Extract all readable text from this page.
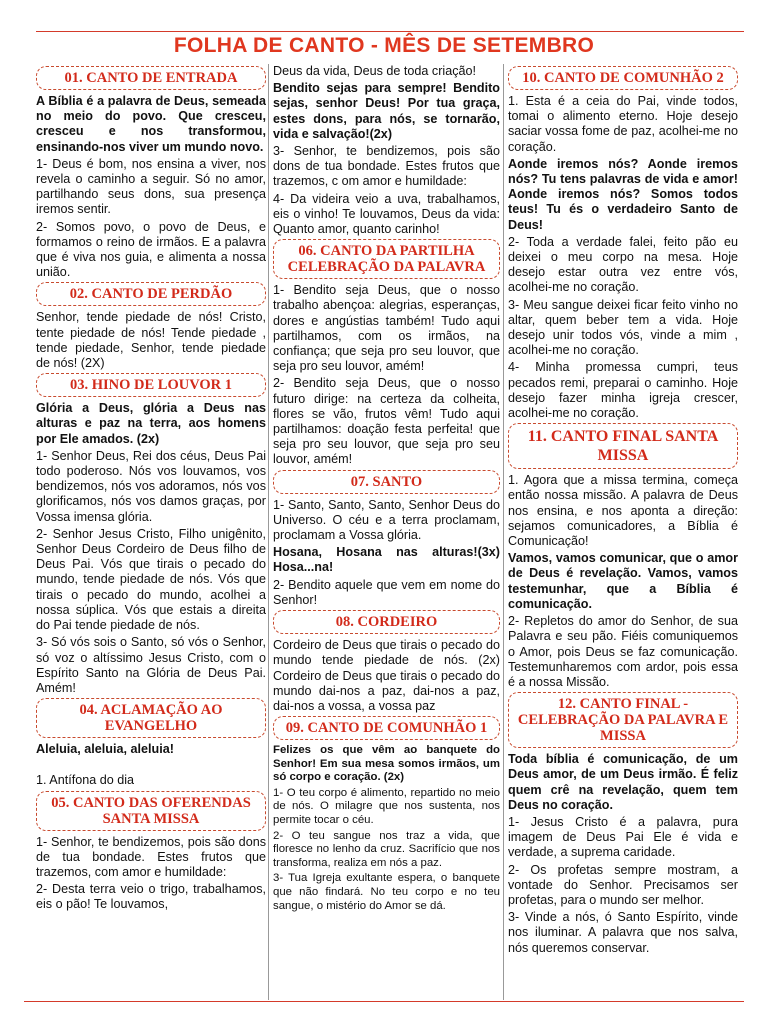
FOLHA DE CANTO - MÊS DE SETEMBRO
01. CANTO DE ENTRADA

A Bíblia é a palavra de Deus, semeada no meio do povo. Que cresceu, cresceu e nos transformou, ensinando-nos viver um mundo novo.

1- Deus é bom, nos ensina a viver, nos revela o caminho a seguir. Só no amor, partilhando seus dons, sua presença iremos sentir.

2- Somos povo, o povo de Deus, e formamos o reino de irmãos. E a palavra que é viva nos guia, e alimenta a nossa união.

02. CANTO DE PERDÃO

Senhor, tende piedade de nós! Cristo, tente piedade de nós! Tende piedade , tende piedade, Senhor, tende piedade de nós! (2X)

03. HINO DE LOUVOR 1

Glória a Deus, glória a Deus nas alturas e paz na terra, aos homens por Ele amados. (2x)

1- Senhor Deus, Rei dos céus, Deus Pai todo poderoso. Nós vos louvamos, vos bendizemos, nós vos adoramos, nós vos glorificamos, nós vos damos graças, por Vossa imensa glória.

2- Senhor Jesus Cristo, Filho unigênito, Senhor Deus Cordeiro de Deus filho de Deus Pai. Vós que tirais o pecado do mundo, tende piedade de nós. Vós que tirais o pecado do mundo, acolhei a nossa súplica. Vós que estais a direita do Pai tende piedade de nós.

3- Só vós sois o Santo, só vós o Senhor, só voz o altíssimo Jesus Cristo, com o Espírito Santo na Glória de Deus Pai. Amém!

04. ACLAMAÇÃO AO EVANGELHO

Aleluia, aleluia, aleluia!

1. Antífona do dia

05. CANTO DAS OFERENDAS SANTA MISSA

1- Senhor, te bendizemos, pois são dons de tua bondade. Estes frutos que trazemos, com amor e humildade:

2- Desta terra veio o trigo, trabalhamos, eis o pão! Te louvamos,

Deus da vida, Deus de toda criação!

Bendito sejas para sempre! Bendito sejas, senhor Deus! Por tua graça, estes dons, para nós, se tornarão, vida e salvação!(2x)

3- Senhor, te bendizemos, pois são dons de tua bondade. Estes frutos que trazemos, c om amor e humildade:

4- Da videira veio a uva, trabalhamos, eis o vinho! Te louvamos, Deus da vida: Quanto amor, quanto carinho!

06. CANTO DA PARTILHA CELEBRAÇÃO DA PALAVRA

1- Bendito seja Deus, que o nosso trabalho abençoa: alegrias, esperanças, dores e angústias também! Tudo aqui partilhamos, com os irmãos, na confiança; que seja pro seu louvor, que seja pro seu louvor, amém!

2- Bendito seja Deus, que o nosso futuro dirige: na certeza da colheita, flores se vão, frutos vêm! Tudo aqui partilhamos: doação festa perfeita! que seja pro seu louvor, que seja pro seu louvor, amém!

07. SANTO

1- Santo, Santo, Santo, Senhor Deus do Universo. O céu e a terra proclamam, proclamam a Vossa glória.

Hosana, Hosana nas alturas!(3x) Hosa...na!

2- Bendito aquele que vem em nome do Senhor!

08. CORDEIRO

Cordeiro de Deus que tirais o pecado do mundo tende piedade de nós. (2x) Cordeiro de Deus que tirais o pecado do mundo dai-nos a paz, dai-nos a paz, dai-nos a vossa, a vossa paz

09. CANTO DE COMUNHÃO 1

Felizes os que vêm ao banquete do Senhor! Em sua mesa somos irmãos, um só corpo e coração. (2x)

1- O teu corpo é alimento, repartido no meio de nós. O milagre que nos sustenta, nos permite tocar o céu.

2- O teu sangue nos traz a vida, que floresce no lenho da cruz. Sacrifício que nos transforma, realiza em nós a paz.

3- Tua Igreja exultante espera, o banquete que não findará. No teu corpo e no teu sangue, o mistério do Amor se dá.

10. CANTO DE COMUNHÃO 2

1. Esta é a ceia do Pai, vinde todos, tomai o alimento eterno. Hoje desejo saciar vossa fome de paz, acolhei-me no coração.

Aonde iremos nós? Aonde iremos nós? Tu tens palavras de vida e amor! Aonde iremos nós? Somos todos teus! Tu és o verdadeiro Santo de Deus!

2- Toda a verdade falei, feito pão eu deixei o meu corpo na mesa. Hoje desejo estar outra vez entre vós, acolhei-me no coração.

3- Meu sangue deixei ficar feito vinho no altar, quem beber tem a vida. Hoje desejo unir todos vós, vinde a mim , acolhei-me no coração.

4- Minha promessa cumpri, teus pecados remi, preparai o caminho. Hoje desejo fazer minha igreja crescer, acolhei-me no coração.

11. CANTO FINAL SANTA MISSA

1. Agora que a missa termina, começa então nossa missão. A palavra de Deus nos ensina, e nos aponta a direção: sejamos comunicadores, a Bíblia é Comunicação!

Vamos, vamos comunicar, que o amor de Deus é revelação. Vamos, vamos testemunhar, que a Bíblia é comunicação.

2- Repletos do amor do Senhor, de sua Palavra e seu pão. Fiéis comuniquemos o Amor, pois Deus se faz comunicação. Testemunharemos com ardor, pois essa é a nossa Missão.

12. CANTO FINAL - CELEBRAÇÃO DA PALAVRA E MISSA

Toda bíblia é comunicação, de um Deus amor, de um Deus irmão. É feliz quem crê na revelação, quem tem Deus no coração.

1- Jesus Cristo é a palavra, pura imagem de Deus Pai Ele é vida e verdade, a suprema caridade.

2- Os profetas sempre mostram, a vontade do Senhor. Precisamos ser profetas, para o mundo ser melhor.

3- Vinde a nós, ó Santo Espírito, vinde nos iluminar. A palavra que nos salva, nós queremos conservar.
